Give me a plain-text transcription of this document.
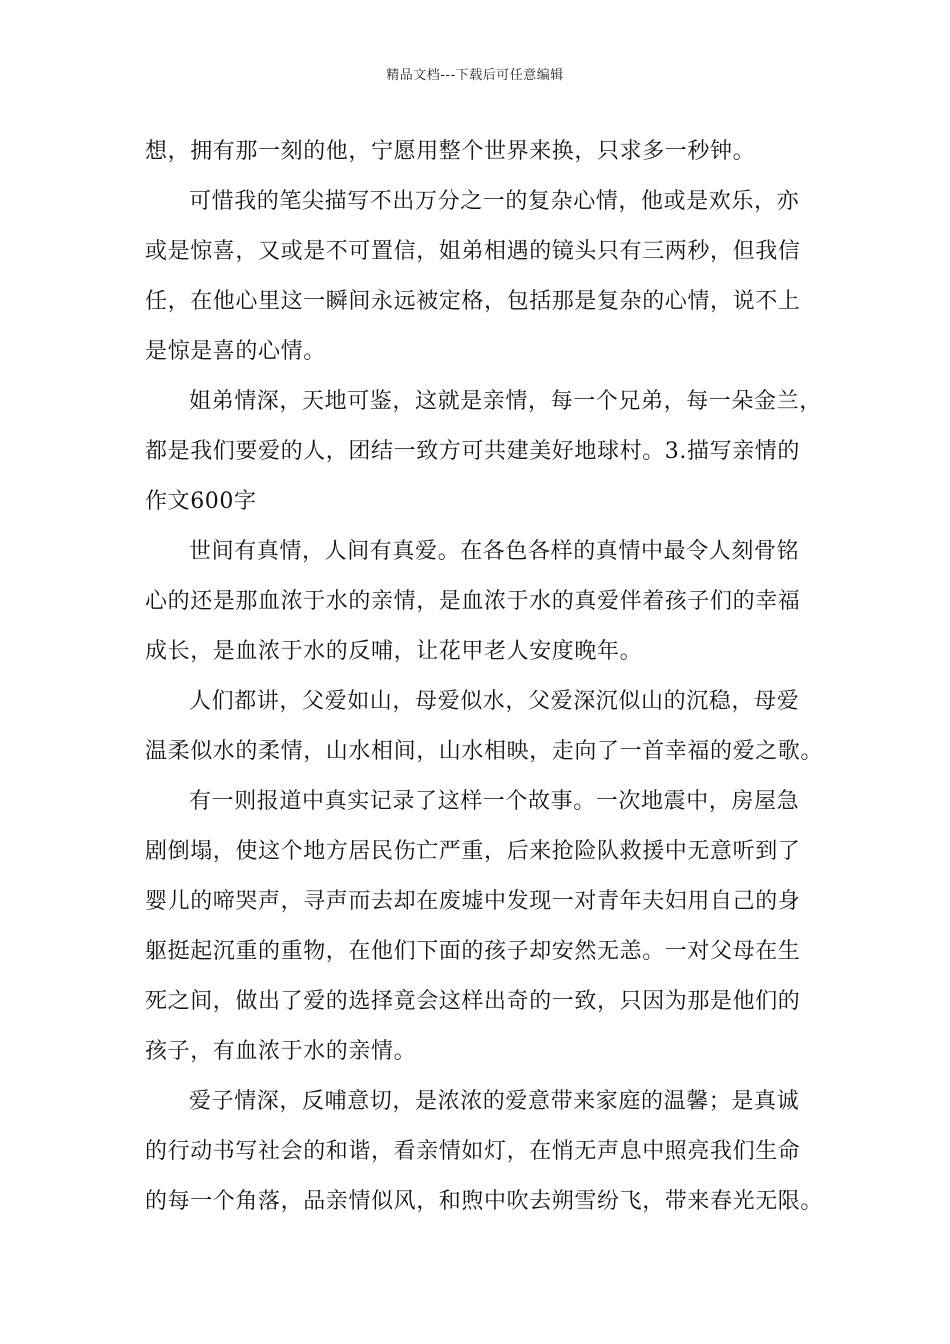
精品文档---下载后可任意编辑
想，拥有那一刻的他，宁愿用整个世界来换，只求多一秒钟。
可惜我的笔尖描写不出万分之一的复杂心情，他或是欢乐，亦
或是惊喜，又或是不可置信，姐弟相遇的镜头只有三两秒，但我信
任，在他心里这一瞬间永远被定格，包括那是复杂的心情，说不上
是惊是喜的心情。
姐弟情深，天地可鉴，这就是亲情，每一个兄弟，每一朵金兰，
都是我们要爱的人，团结一致方可共建美好地球村。3.描写亲情的
作文600字
世间有真情，人间有真爱。在各色各样的真情中最令人刻骨铭
心的还是那血浓于水的亲情，是血浓于水的真爱伴着孩子们的幸福
成长，是血浓于水的反哺，让花甲老人安度晚年。
人们都讲，父爱如山，母爱似水，父爱深沉似山的沉稳，母爱
温柔似水的柔情，山水相间，山水相映，走向了一首幸福的爱之歌。
有一则报道中真实记录了这样一个故事。一次地震中，房屋急
剧倒塌，使这个地方居民伤亡严重，后来抢险队救援中无意听到了
婴儿的啼哭声，寻声而去却在废墟中发现一对青年夫妇用自己的身
躯挺起沉重的重物，在他们下面的孩子却安然无恙。一对父母在生
死之间，做出了爱的选择竟会这样出奇的一致，只因为那是他们的
孩子，有血浓于水的亲情。
爱子情深，反哺意切，是浓浓的爱意带来家庭的温馨；是真诚
的行动书写社会的和谐，看亲情如灯，在悄无声息中照亮我们生命
的每一个角落，品亲情似风，和煦中吹去朔雪纷飞，带来春光无限。
